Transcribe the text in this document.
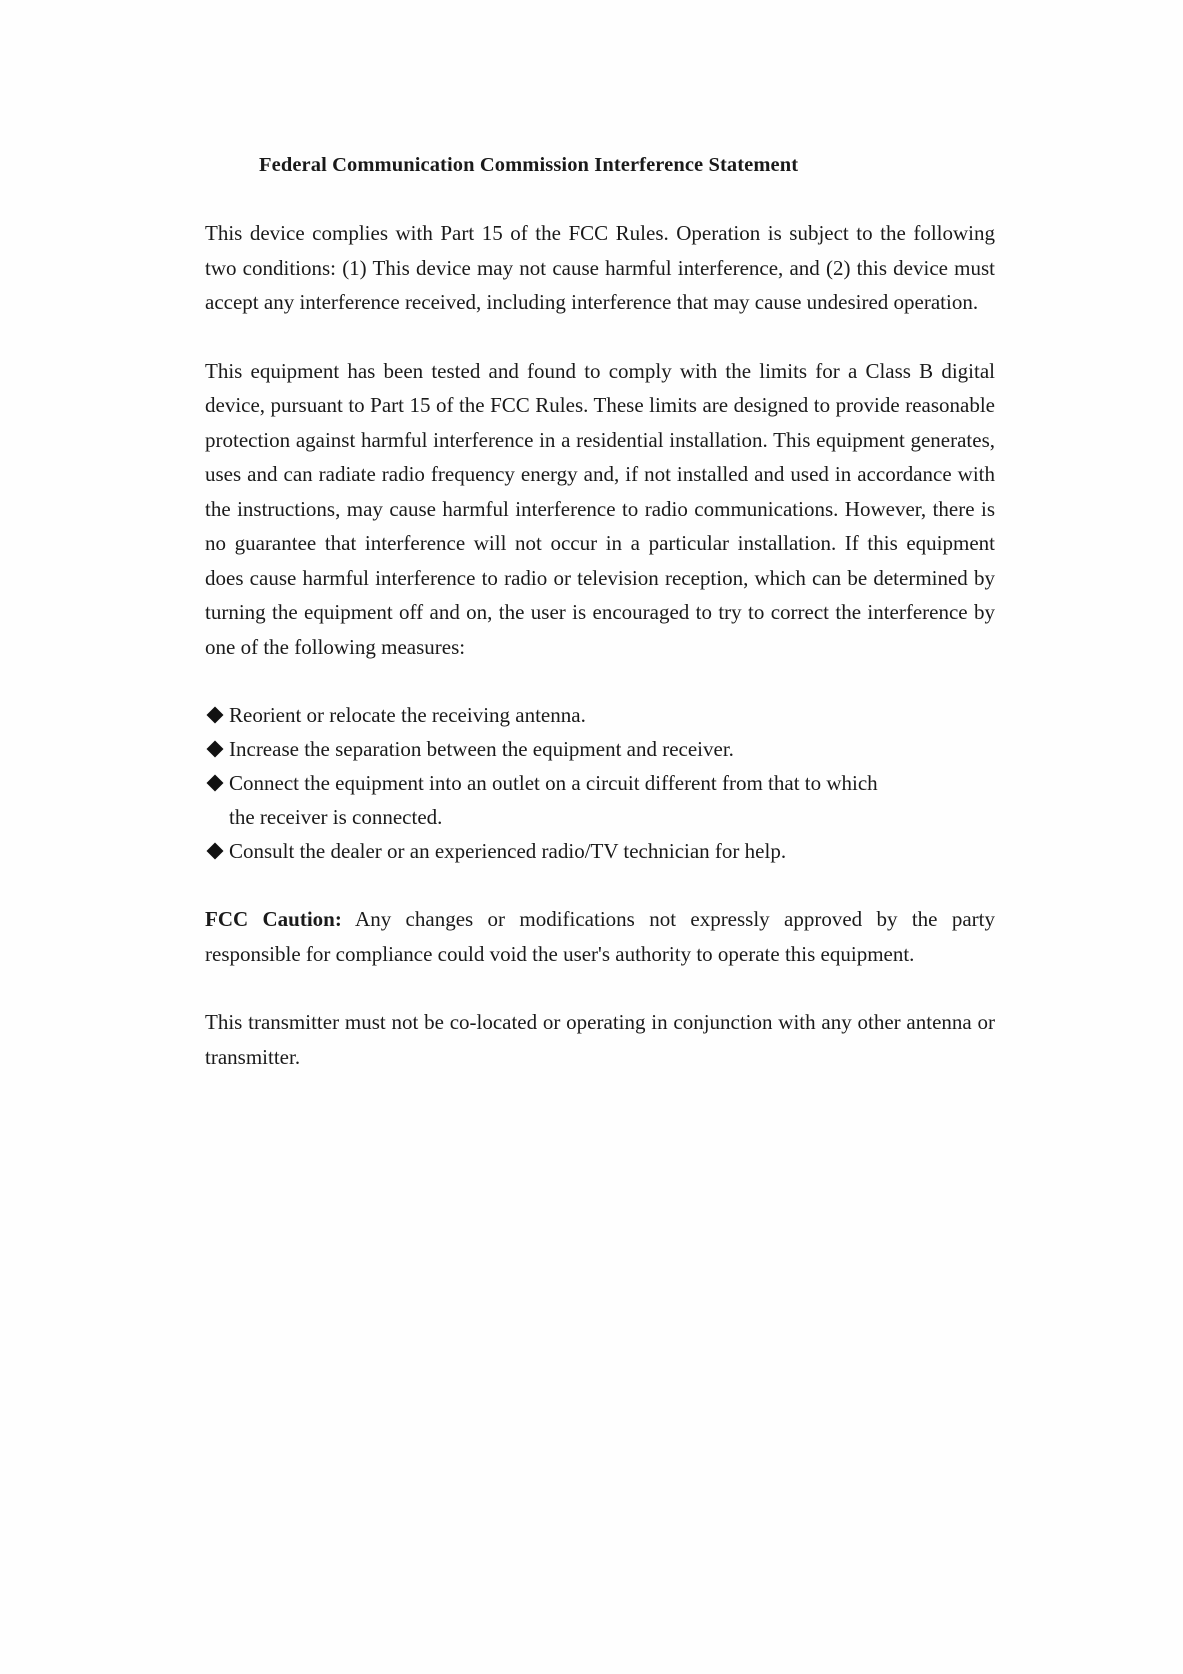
Federal Communication Commission Interference Statement

This device complies with Part 15 of the FCC Rules. Operation is subject to the following two conditions: (1) This device may not cause harmful interference, and (2) this device must accept any interference received, including interference that may cause undesired operation.

This equipment has been tested and found to comply with the limits for a Class B digital device, pursuant to Part 15 of the FCC Rules. These limits are designed to provide reasonable protection against harmful interference in a residential installation. This equipment generates, uses and can radiate radio frequency energy and, if not installed and used in accordance with the instructions, may cause harmful interference to radio communications. However, there is no guarantee that interference will not occur in a particular installation. If this equipment does cause harmful interference to radio or television reception, which can be determined by turning the equipment off and on, the user is encouraged to try to correct the interference by one of the following measures:

Reorient or relocate the receiving antenna.
Increase the separation between the equipment and receiver.
Connect the equipment into an outlet on a circuit different from that to which the receiver is connected.
Consult the dealer or an experienced radio/TV technician for help.

FCC Caution: Any changes or modifications not expressly approved by the party responsible for compliance could void the user's authority to operate this equipment.

This transmitter must not be co-located or operating in conjunction with any other antenna or transmitter.
